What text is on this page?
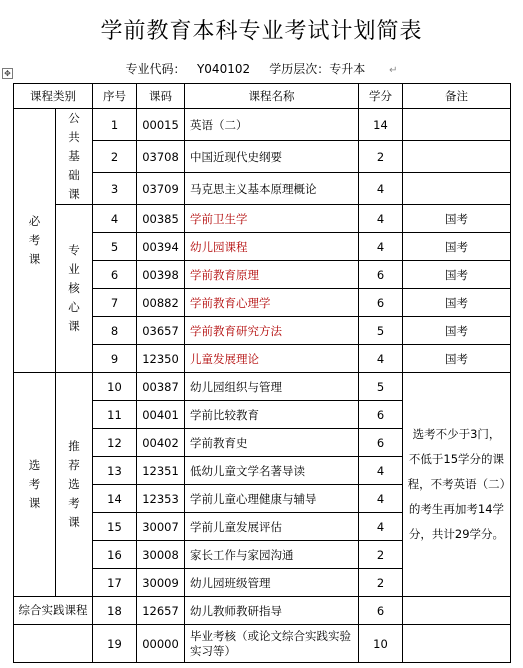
学前教育本科专业考试计划简表
专业代码： Y040102 学历层次：专升本 ↵
✥
课程类别		序号	课码	课程名称	学分	备注
必考课	公共基础课	1	00015	英语（二）	14	
		2	03708	中国近现代史纲要	2	
		3	03709	马克思主义基本原理概论	4	
	专业核心课	4	00385	学前卫生学	4	国考
		5	00394	幼儿园课程	4	国考
		6	00398	学前教育原理	6	国考
		7	00882	学前教育心理学	6	国考
		8	03657	学前教育研究方法	5	国考
		9	12350	儿童发展理论	4	国考
选考课	推荐选考课	10	00387	幼儿园组织与管理	5	选考不少于3门，不低于15学分的课程，不考英语（二）的考生再加考14学分，共计29学分。
		11	00401	学前比较教育	6	
		12	00402	学前教育史	6	
		13	12351	低幼儿童文学名著导读	4	
		14	12353	学前儿童心理健康与辅导	4	
		15	30007	学前儿童发展评估	4	
		16	30008	家长工作与家园沟通	2	
		17	30009	幼儿园班级管理	2	
综合实践课程		18	12657	幼儿教师教研指导	6	
		19	00000	毕业考核（或论文综合实践实验实习等）	10	
